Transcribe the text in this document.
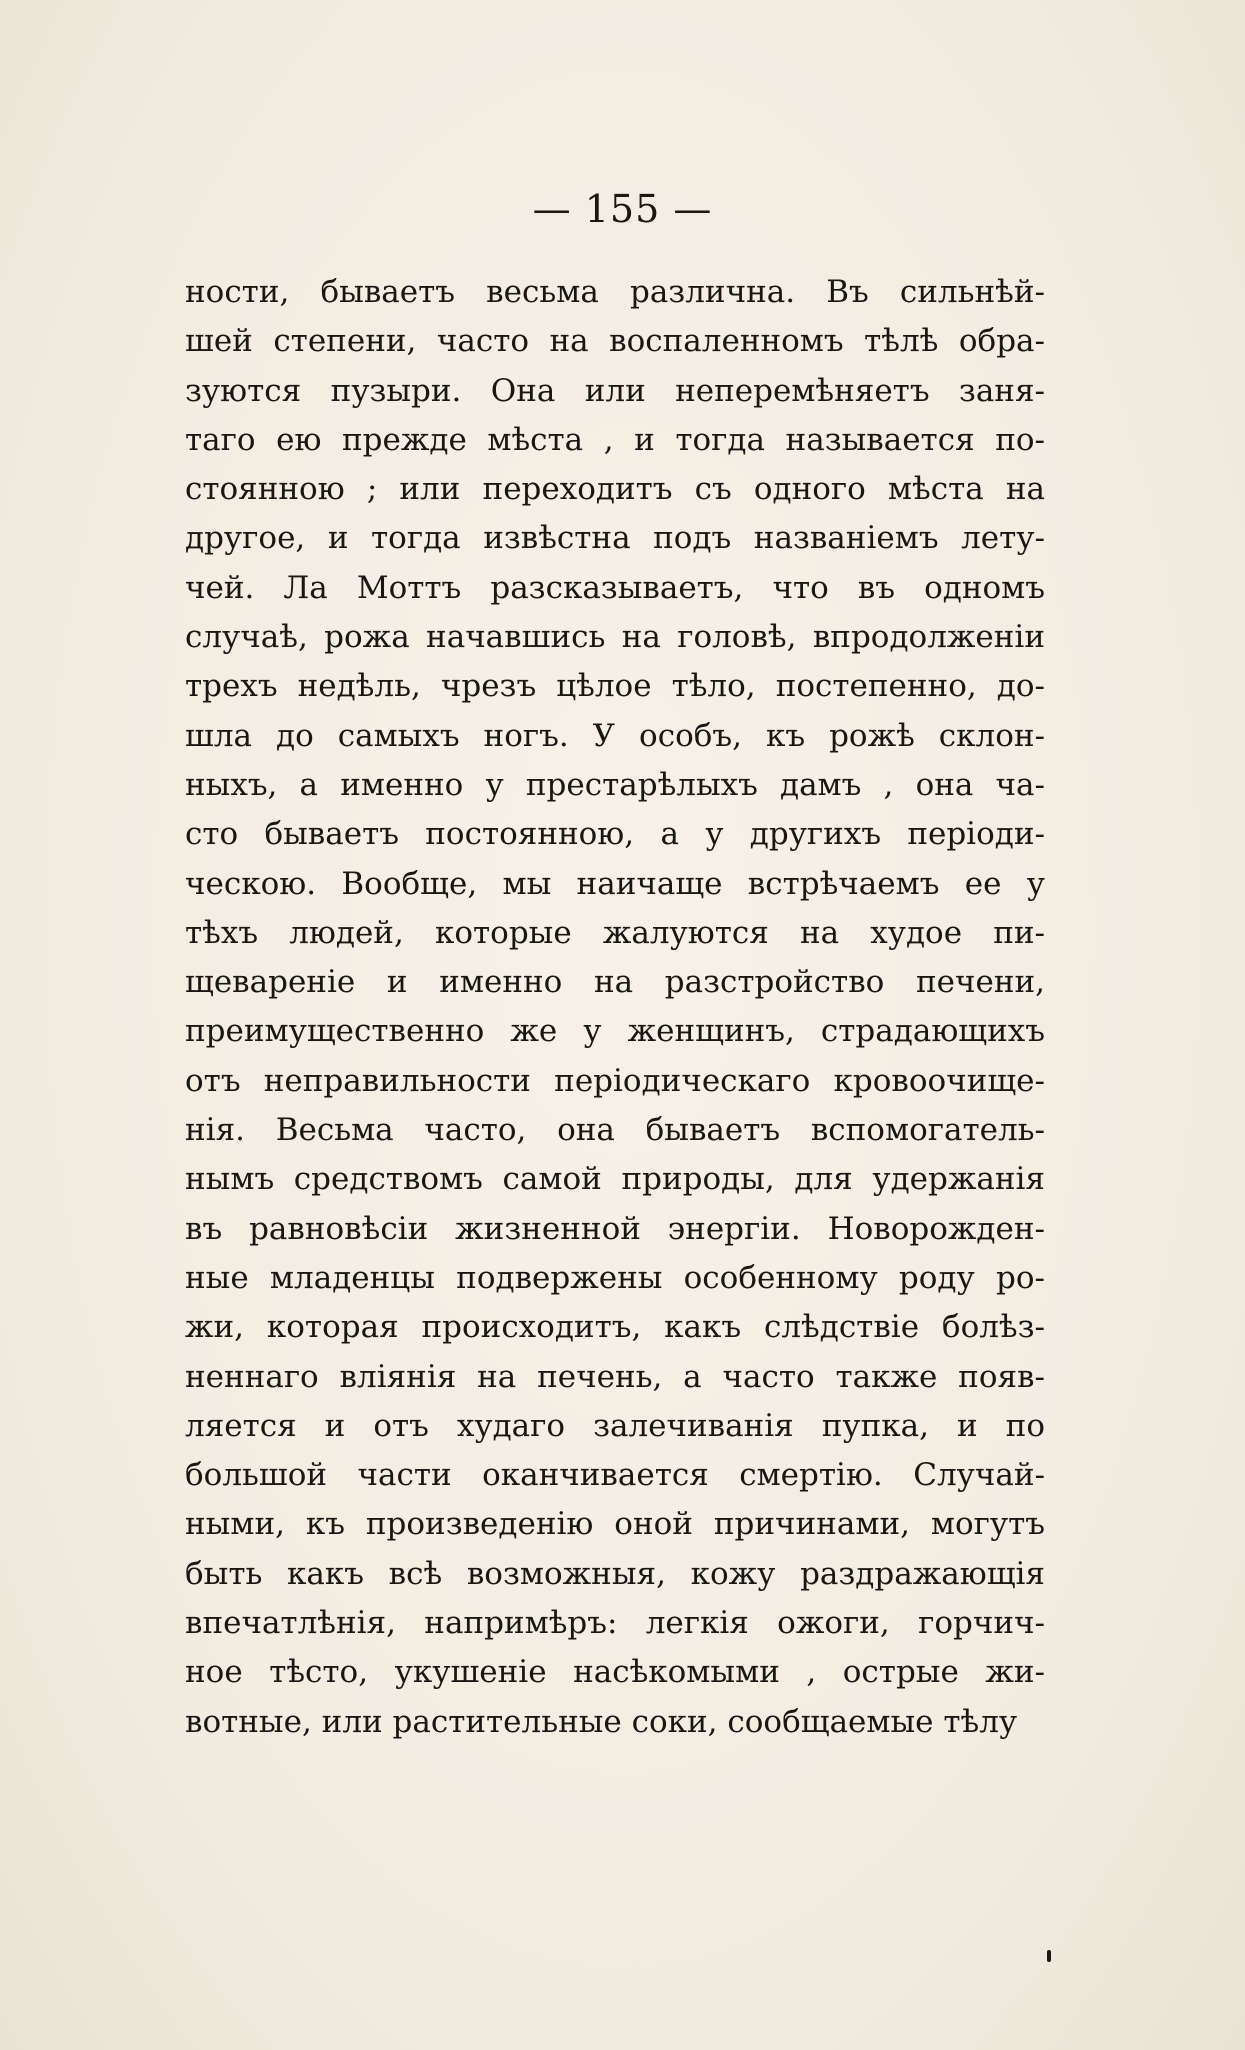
— 155 —
ности, бываетъ весьма различна. Въ сильнѣй-
шей степени, часто на воспаленномъ тѣлѣ обра-
зуются пузыри. Она или неперемѣняетъ заня-
таго ею прежде мѣста , и тогда называется по-
стоянною ; или переходитъ съ одного мѣста на
другое, и тогда извѣстна подъ названіемъ лету-
чей. Ла Моттъ разсказываетъ, что въ одномъ
случаѣ, рожа начавшись на головѣ, впродолженіи
трехъ недѣль, чрезъ цѣлое тѣло, постепенно, до-
шла до самыхъ ногъ. У особъ, къ рожѣ склон-
ныхъ, а именно у престарѣлыхъ дамъ , она ча-
сто бываетъ постоянною, а у другихъ періоди-
ческою. Вообще, мы наичаще встрѣчаемъ ее у
тѣхъ людей, которые жалуются на худое пи-
щевареніе и именно на разстройство печени,
преимущественно же у женщинъ, страдающихъ
отъ неправильности періодическаго кровоочище-
нія. Весьма часто, она бываетъ вспомогатель-
нымъ средствомъ самой природы, для удержанія
въ равновѣсіи жизненной энергіи. Новорожден-
ные младенцы подвержены особенному роду ро-
жи, которая происходитъ, какъ слѣдствіе болѣз-
неннаго вліянія на печень, а часто также появ-
ляется и отъ худаго залечиванія пупка, и по
большой части оканчивается смертію. Случай-
ными, къ произведенію оной причинами, могутъ
быть какъ всѣ возможныя, кожу раздражающія
впечатлѣнія, напримѣръ: легкія ожоги, горчич-
ное тѣсто, укушеніе насѣкомыми , острые жи-
вотные, или растительные соки, сообщаемые тѣлу
